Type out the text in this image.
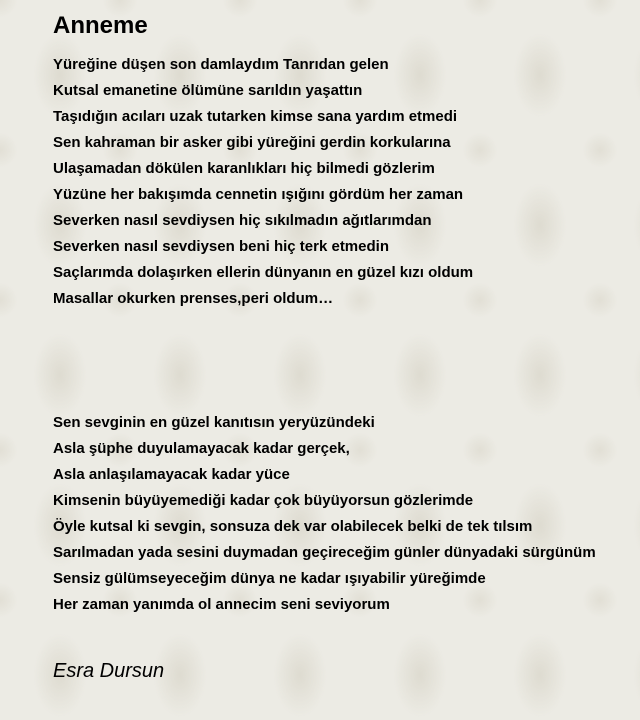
Anneme
Yüreğine düşen son damlaydım Tanrıdan gelen
Kutsal emanetine ölümüne sarıldın yaşattın
Taşıdığın acıları uzak tutarken kimse sana yardım etmedi
Sen kahraman bir asker gibi yüreğini gerdin korkularına
Ulaşamadan dökülen karanlıkları hiç bilmedi gözlerim
Yüzüne her bakışımda cennetin ışığını gördüm her zaman
Severken nasıl sevdiysen hiç sıkılmadın ağıtlarımdan
Severken nasıl sevdiysen beni hiç terk etmedin
Saçlarımda dolaşırken ellerin dünyanın en güzel kızı oldum
Masallar okurken prenses,peri oldum…
Sen sevginin en güzel kanıtısın yeryüzündeki
Asla şüphe duyulamayacak kadar gerçek,
Asla anlaşılamayacak kadar yüce
Kimsenin büyüyemediği kadar çok büyüyorsun gözlerimde
Öyle kutsal ki sevgin, sonsuza dek var olabilecek belki de tek tılsım
Sarılmadan yada sesini duymadan geçireceğim günler dünyadaki sürgünüm
Sensiz gülümseyeceğim dünya ne kadar ışıyabilir yüreğimde
Her zaman yanımda ol annecim seni seviyorum
Esra Dursun
